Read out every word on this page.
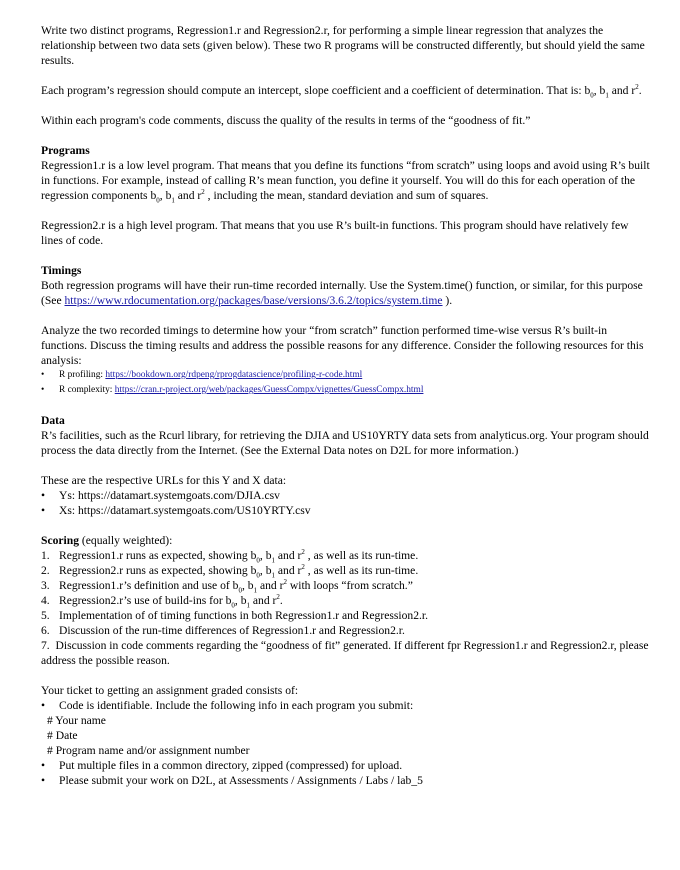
Write two distinct programs, Regression1.r and Regression2.r, for performing a simple linear regression that analyzes the relationship between two data sets (given below). These two R programs will be constructed differently, but should yield the same results.

Each program’s regression should compute an intercept, slope coefficient and a coefficient of determination. That is: $b_0$, $b_1$ and $r^2$.

Within each program's code comments, discuss the quality of the results in terms of the “goodness of fit.”

Programs

Regression1.r is a low level program. That means that you define its functions “from scratch” using loops and avoid using R’s built in functions. For example, instead of calling R’s mean function, you define it yourself. You will do this for each operation of the regression components $b_0$, $b_1$ and $r^2$ , including the mean, standard deviation and sum of squares.

Regression2.r is a high level program. That means that you use R’s built-in functions. This program should have relatively few lines of code.

Timings

Both regression programs will have their run-time recorded internally. Use the System.time() function, or similar, for this purpose (See https://www.rdocumentation.org/packages/base/versions/3.6.2/topics/system.time ).

Analyze the two recorded timings to determine how your “from scratch” function performed time-wise versus R’s built-in functions. Discuss the timing results and address the possible reasons for any difference. Consider the following resources for this analysis:

• R profiling: https://bookdown.org/rdpeng/rprogdatascience/profiling-r-code.html
• R complexity: https://cran.r-project.org/web/packages/GuessCompx/vignettes/GuessCompx.html

Data

R’s facilities, such as the Rcurl library, for retrieving the DJIA and US10YRTY data sets from analyticus.org. Your program should process the data directly from the Internet. (See the External Data notes on D2L for more information.)

These are the respective URLs for this Y and X data:

• Ys: https://datamart.systemgoats.com/DJIA.csv
• Xs: https://datamart.systemgoats.com/US10YRTY.csv

Scoring (equally weighted):

1. Regression1.r runs as expected, showing $b_0$, $b_1$ and $r^2$ , as well as its run-time.
2. Regression2.r runs as expected, showing $b_0$, $b_1$ and $r^2$ , as well as its run-time.
3. Regression1.r’s definition and use of $b_0$, $b_1$ and $r^2$ with loops “from scratch.”
4. Regression2.r’s use of build-ins for $b_0$, $b_1$ and $r^2$.
5. Implementation of of timing functions in both Regression1.r and Regression2.r.
6. Discussion of the run-time differences of Regression1.r and Regression2.r.

7. Discussion in code comments regarding the “goodness of fit” generated. If different fpr Regression1.r and Regression2.r, please address the possible reason.

Your ticket to getting an assignment graded consists of:

• Code is identifiable. Include the following info in each program you submit:

# Your name

# Date

# Program name and/or assignment number

• Put multiple files in a common directory, zipped (compressed) for upload.
• Please submit your work on D2L, at Assessments / Assignments / Labs / lab_5
